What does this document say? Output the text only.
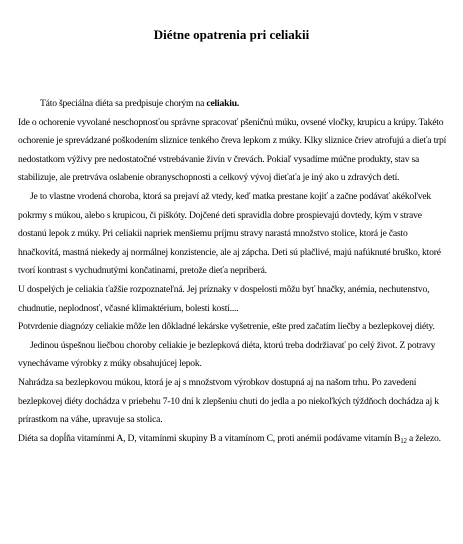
Diétne opatrenia pri celiakii

Táto špeciálna diéta sa predpisuje chorým na celiakiu.

Ide o ochorenie vyvolané neschopnosťou správne spracovať pšeničnú múku, ovsené vločky, krupicu a krúpy. Takéto ochorenie je sprevádzané poškodením sliznice tenkého čreva lepkom z múky. Klky sliznice čriev atrofujú a dieťa trpí nedostatkom výživy pre nedostatočné vstrebávanie živín v črevách. Pokiaľ vysadíme múčne produkty, stav sa stabilizuje, ale pretrváva oslabenie obranyschopnosti a celkový vývoj dieťaťa je iný ako u zdravých detí.

Je to vlastne vrodená choroba, ktorá sa prejaví až vtedy, keď matka prestane kojiť a začne podávať akékoľvek pokrmy s múkou, alebo s krupicou, či piškóty. Dojčené deti spravidla dobre prospievajú dovtedy, kým v strave dostanú lepok z múky. Pri celiakii napriek menšiemu príjmu stravy narastá množstvo stolice, ktorá je často hnačkovitá, mastná niekedy aj normálnej konzistencie, ale aj zápcha. Deti sú plačlivé, majú nafúknuté bruško, ktoré tvorí kontrast s vychudnutými končatinami, pretože dieťa nepriberá.

U dospelých je celiakia ťažšie rozpoznateľná. Jej príznaky v dospelosti môžu byť hnačky, anémia, nechutenstvo, chudnutie, neplodnosť, včasné klimaktérium, bolesti kostí....

Potvrdenie diagnózy celiakie môže len dôkladné lekárske vyšetrenie, ešte pred začatím liečby a bezlepkovej diéty.

Jedinou úspešnou liečbou choroby celiakie je bezlepková diéta, ktorú treba dodržiavať po celý život. Z potravy vynechávame výrobky z múky obsahujúcej lepok.

Nahrádza sa bezlepkovou múkou, ktorá je aj s množstvom výrobkov dostupná aj na našom trhu. Po zavedení bezlepkovej diéty dochádza v priebehu 7-10 dní k zlepšeniu chuti do jedla a po niekoľkých týždňoch dochádza aj k prírastkom na váhe, upravuje sa stolica.

Diéta sa dopĺňa vitamínmi A, D, vitamínmi skupiny B a vitamínom C, proti anémii podávame vitamín $B_{12}$ a železo.
